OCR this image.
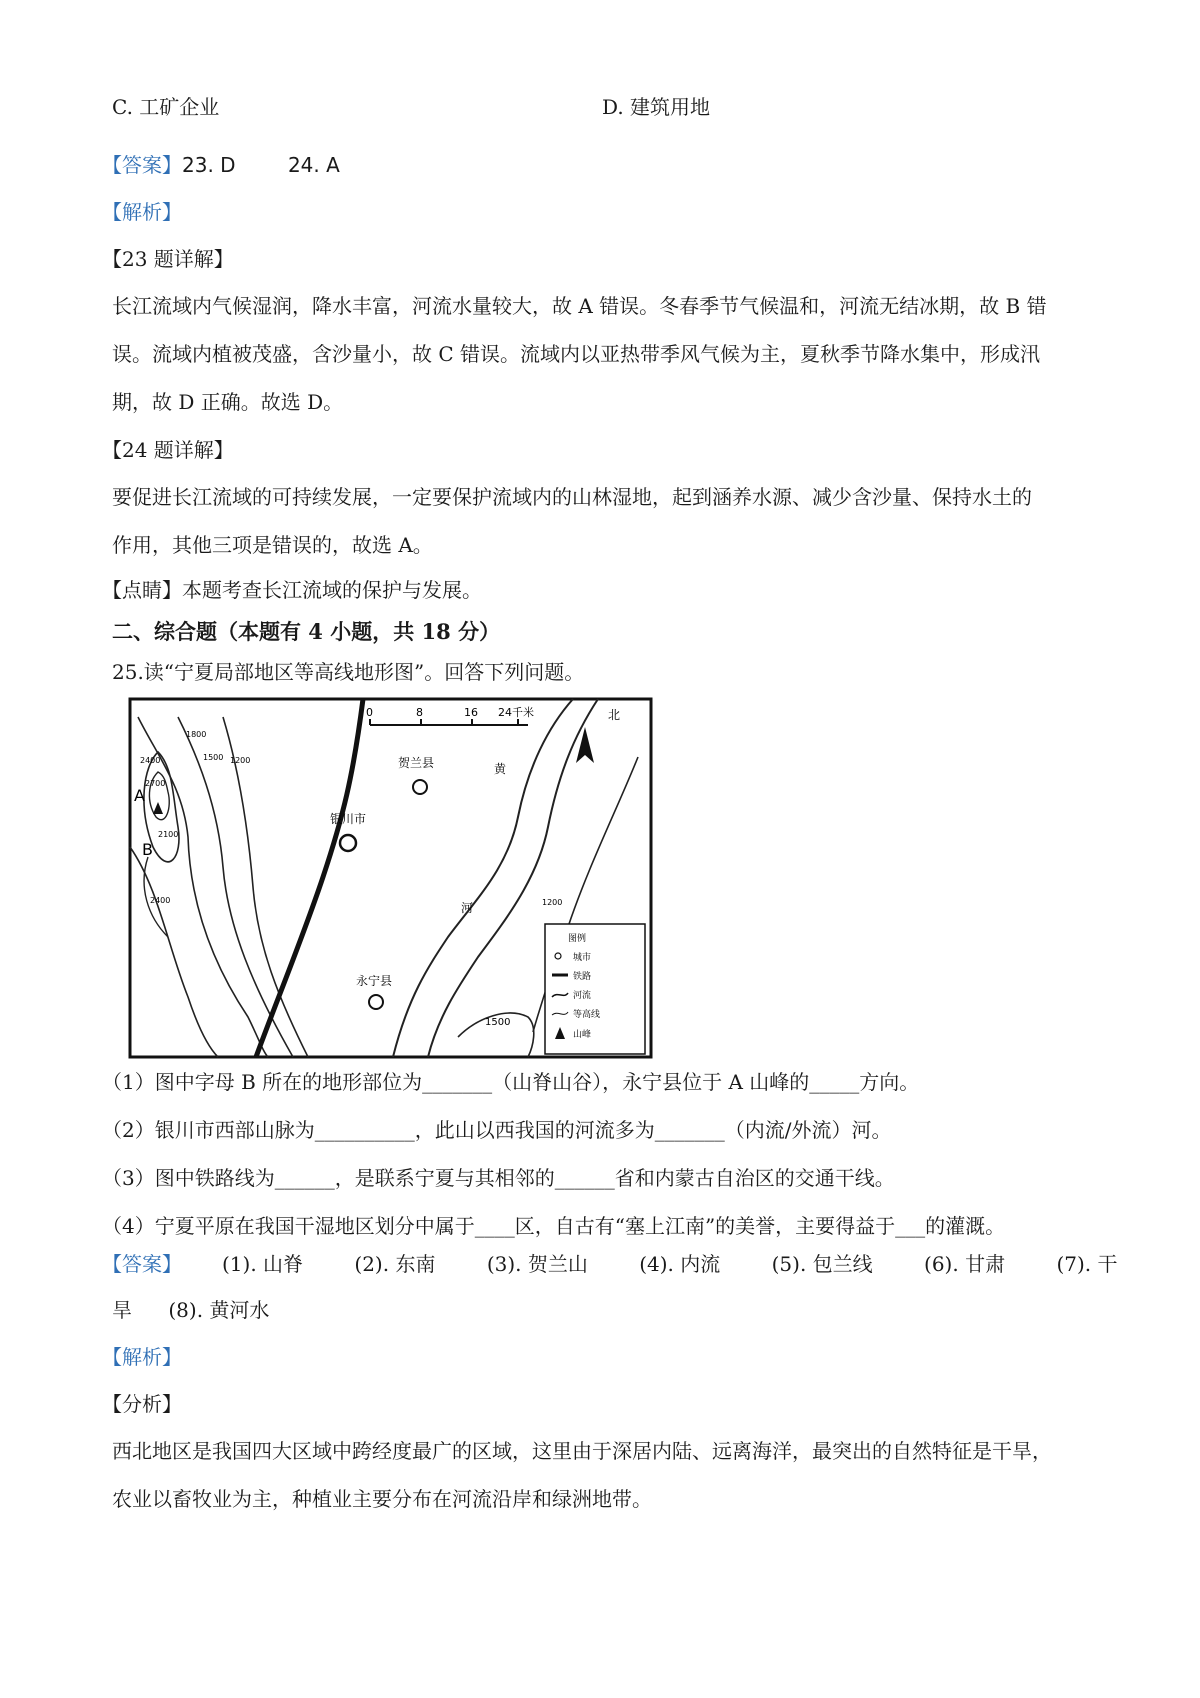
C. 工矿企业	D. 建筑用地
【答案】23. D	24. A
【解析】
【23 题详解】
长江流域内气候湿润，降水丰富，河流水量较大，故 A 错误。冬春季节气候温和，河流无结冰期，故 B 错
误。流域内植被茂盛，含沙量小，故 C 错误。流域内以亚热带季风气候为主，夏秋季节降水集中，形成汛
期，故 D 正确。故选 D。
【24 题详解】
要促进长江流域的可持续发展，一定要保护流域内的山林湿地，起到涵养水源、减少含沙量、保持水土的
作用，其他三项是错误的，故选 A。
【点睛】本题考查长江流域的保护与发展。
二、综合题（本题有 4 小题，共 18 分）
25.读“宁夏局部地区等高线地形图”。回答下列问题。
0	8	16 24千米	北
贺兰县
银川市
永宁县
黄
河
A
B
2400
1800
1500 1200
2700
2100
2400	1200
1500
图例
城市
铁路
河流
等高线
山峰
（1）图中字母 B 所在的地形部位为_______（山脊山谷），永宁县位于 A 山峰的_____方向。
（2）银川市西部山脉为__________，此山以西我国的河流多为_______（内流/外流）河。
（3）图中铁路线为______，是联系宁夏与其相邻的______省和内蒙古自治区的交通干线。
（4）宁夏平原在我国干湿地区划分中属于____区，自古有“塞上江南”的美誉，主要得益于___的灌溉。
【答案】 (1). 山脊	(2). 东南	(3). 贺兰山	(4). 内流	(5). 包兰线	(6). 甘肃	(7). 干
旱 (8). 黄河水
【解析】
【分析】
西北地区是我国四大区域中跨经度最广的区域，这里由于深居内陆、远离海洋，最突出的自然特征是干旱，
农业以畜牧业为主，种植业主要分布在河流沿岸和绿洲地带。
